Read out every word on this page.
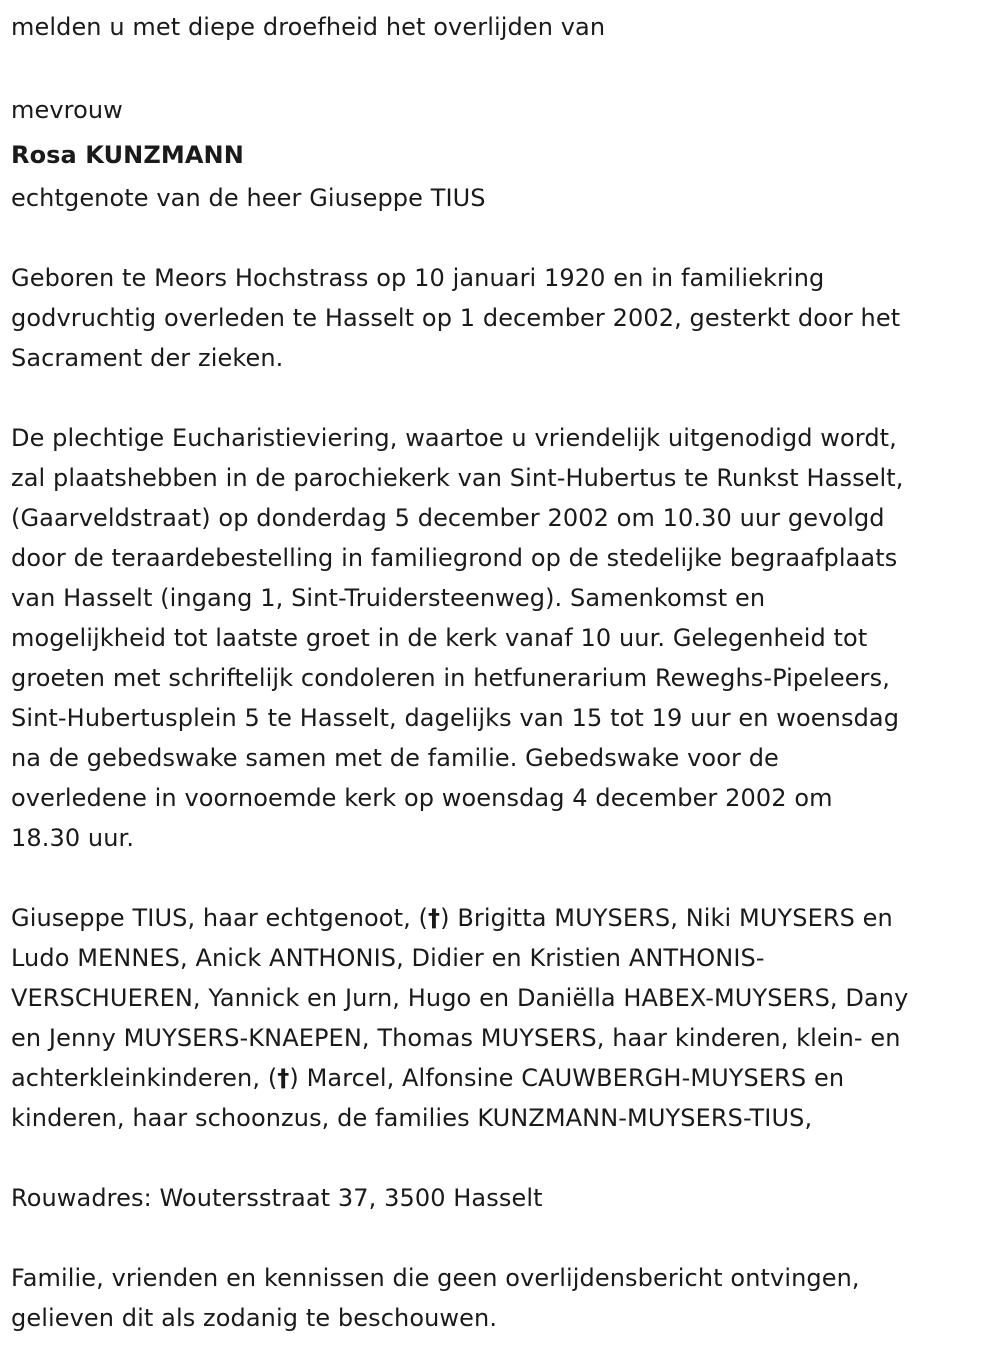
melden u met diepe droefheid het overlijden van
mevrouw
Rosa KUNZMANN
echtgenote van de heer Giuseppe TIUS
Geboren te Meors Hochstrass op 10 januari 1920 en in familiekring
godvruchtig overleden te Hasselt op 1 december 2002, gesterkt door het
Sacrament der zieken.
De plechtige Eucharistieviering, waartoe u vriendelijk uitgenodigd wordt,
zal plaatshebben in de parochiekerk van Sint-Hubertus te Runkst Hasselt,
(Gaarveldstraat) op donderdag 5 december 2002 om 10.30 uur gevolgd
door de teraardebestelling in familiegrond op de stedelijke begraafplaats
van Hasselt (ingang 1, Sint-Truidersteenweg). Samenkomst en
mogelijkheid tot laatste groet in de kerk vanaf 10 uur. Gelegenheid tot
groeten met schriftelijk condoleren in hetfunerarium Reweghs-Pipeleers,
Sint-Hubertusplein 5 te Hasselt, dagelijks van 15 tot 19 uur en woensdag
na de gebedswake samen met de familie. Gebedswake voor de
overledene in voornoemde kerk op woensdag 4 december 2002 om
18.30 uur.
Giuseppe TIUS, haar echtgenoot, (†) Brigitta MUYSERS, Niki MUYSERS en
Ludo MENNES, Anick ANTHONIS, Didier en Kristien ANTHONIS-
VERSCHUEREN, Yannick en Jurn, Hugo en Daniëlla HABEX-MUYSERS, Dany
en Jenny MUYSERS-KNAEPEN, Thomas MUYSERS, haar kinderen, klein- en
achterkleinkinderen, (†) Marcel, Alfonsine CAUWBERGH-MUYSERS en
kinderen, haar schoonzus, de families KUNZMANN-MUYSERS-TIUS,
Rouwadres: Woutersstraat 37, 3500 Hasselt
Familie, vrienden en kennissen die geen overlijdensbericht ontvingen,
gelieven dit als zodanig te beschouwen.
